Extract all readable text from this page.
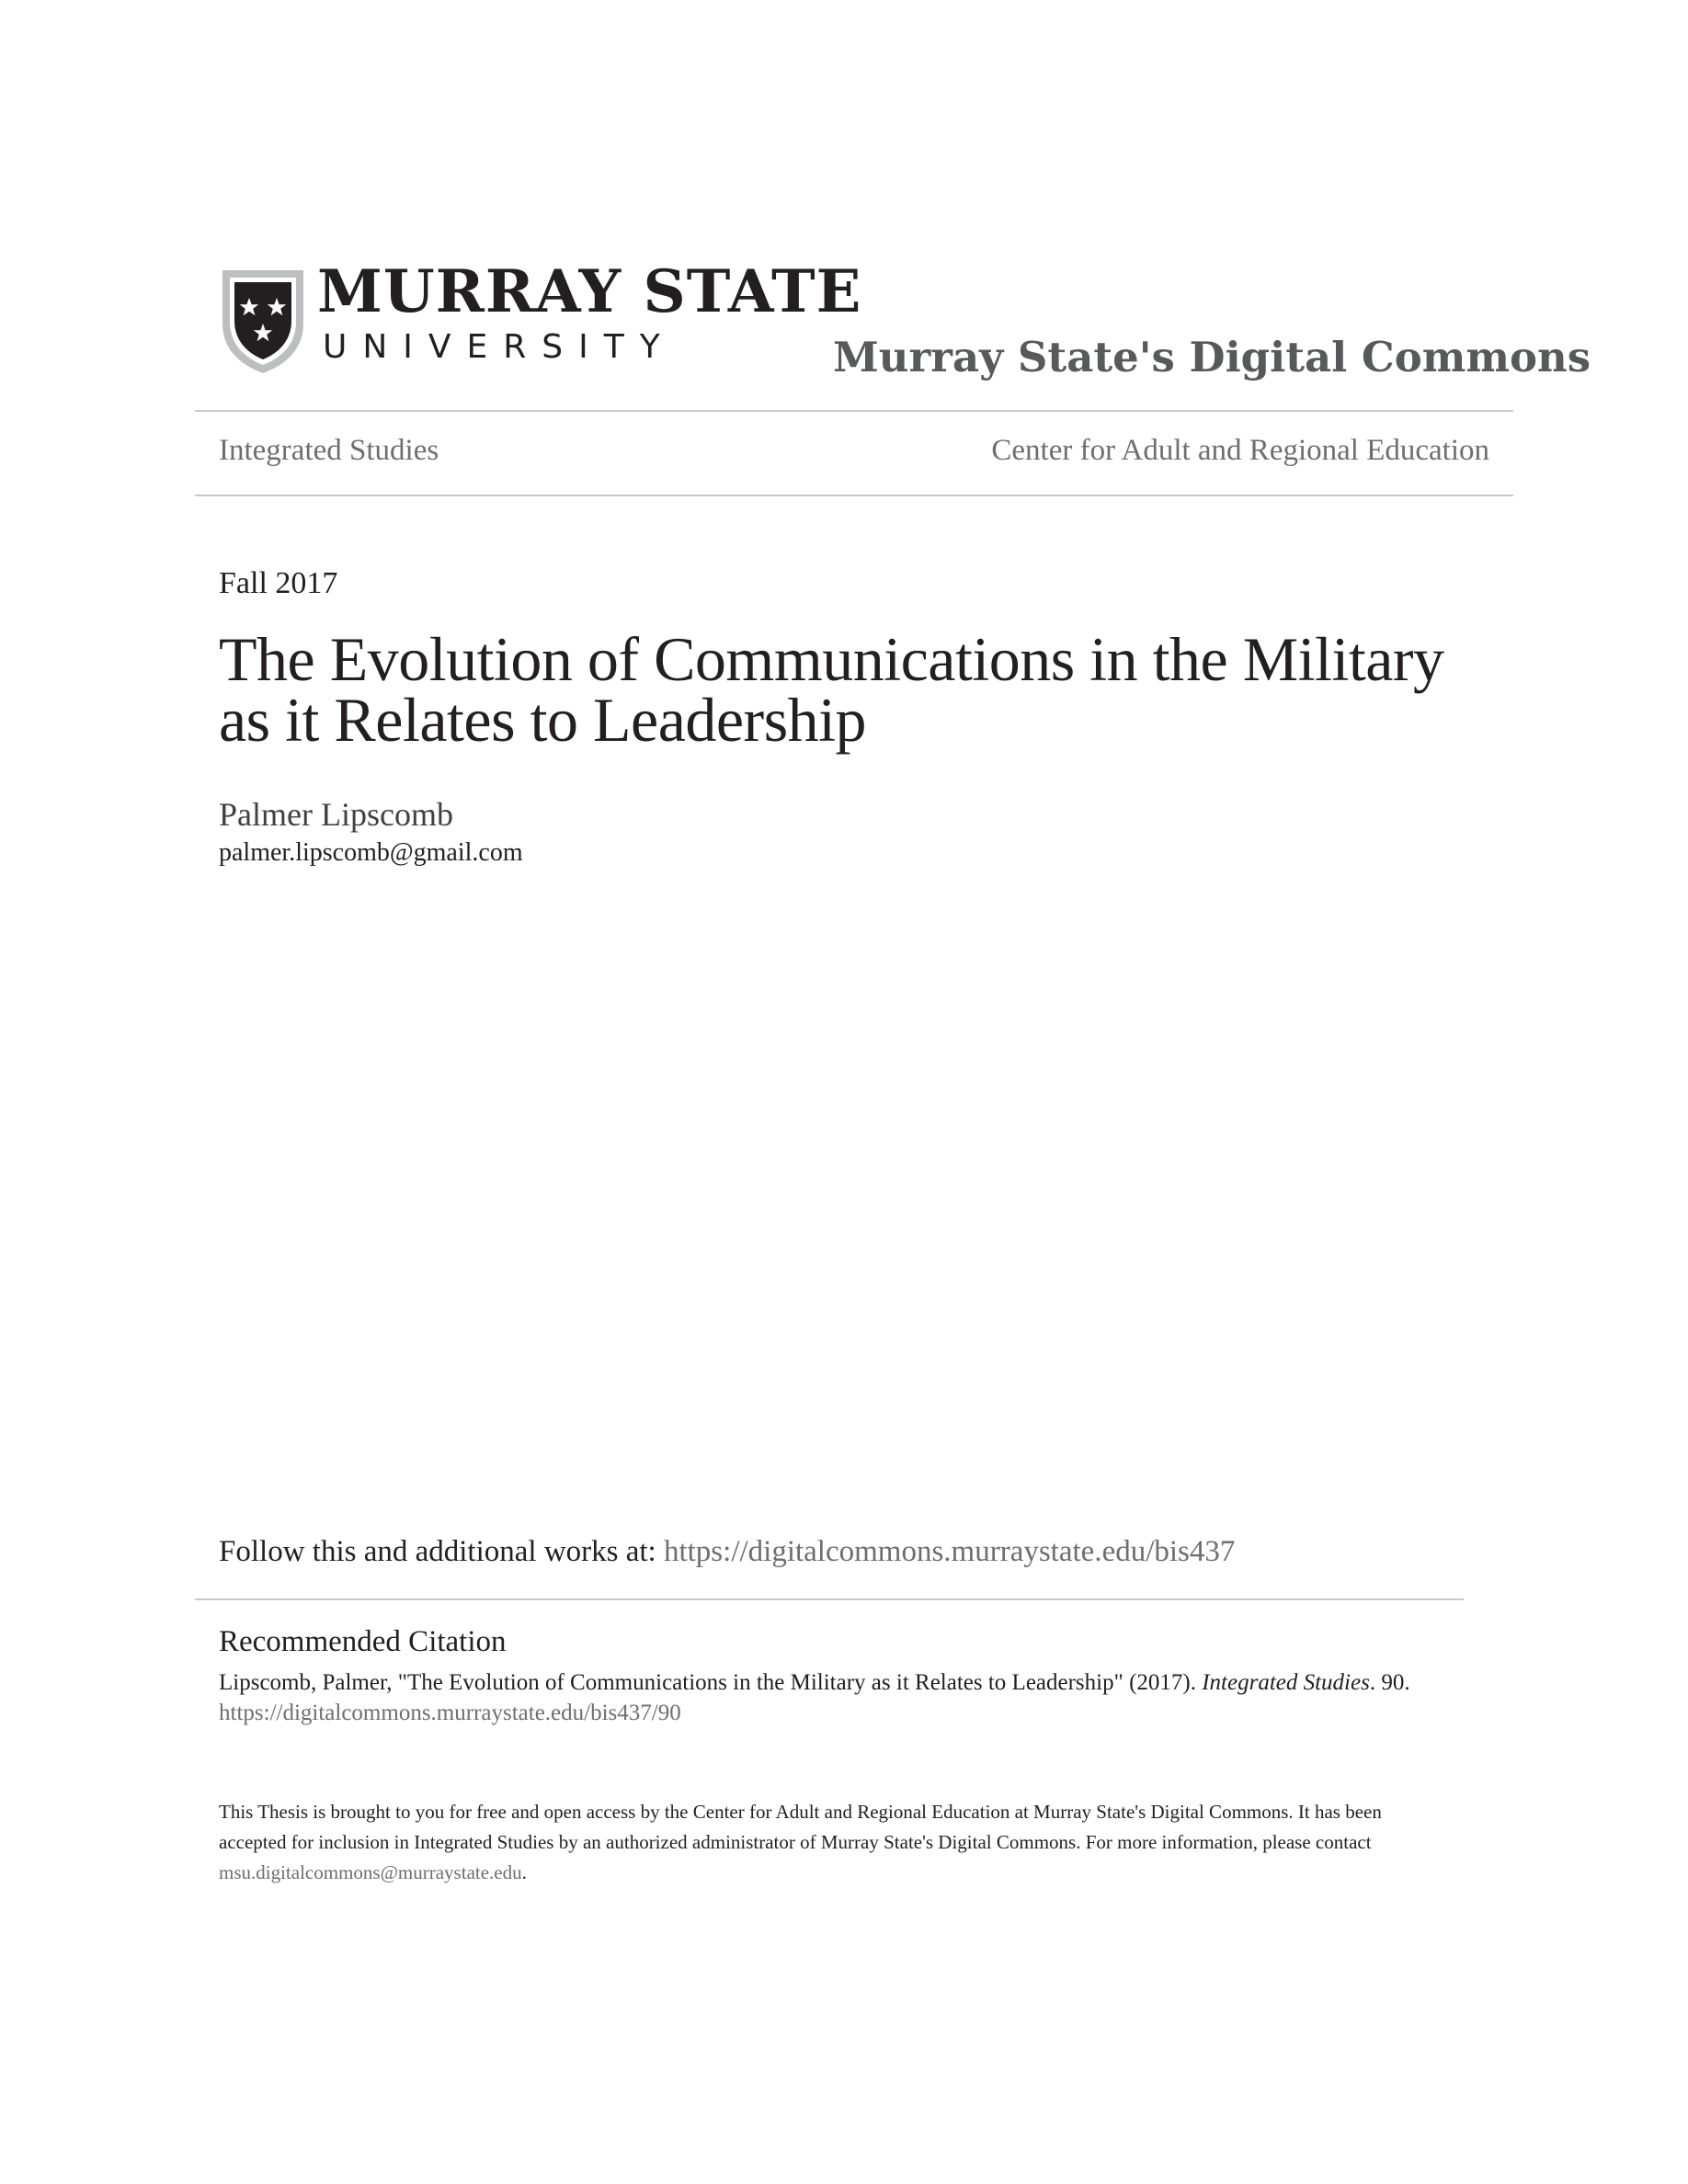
MURRAY STATE
UNIVERSITY	Murray State's Digital Commons
Integrated Studies	Center for Adult and Regional Education
Fall 2017
The Evolution of Communications in the Military
as it Relates to Leadership
Palmer Lipscomb
palmer.lipscomb@gmail.com
Follow this and additional works at: https://digitalcommons.murraystate.edu/bis437
Recommended Citation
Lipscomb, Palmer, "The Evolution of Communications in the Military as it Relates to Leadership" (2017). Integrated Studies. 90.
https://digitalcommons.murraystate.edu/bis437/90
This Thesis is brought to you for free and open access by the Center for Adult and Regional Education at Murray State's Digital Commons. It has been
accepted for inclusion in Integrated Studies by an authorized administrator of Murray State's Digital Commons. For more information, please contact
msu.digitalcommons@murraystate.edu.
